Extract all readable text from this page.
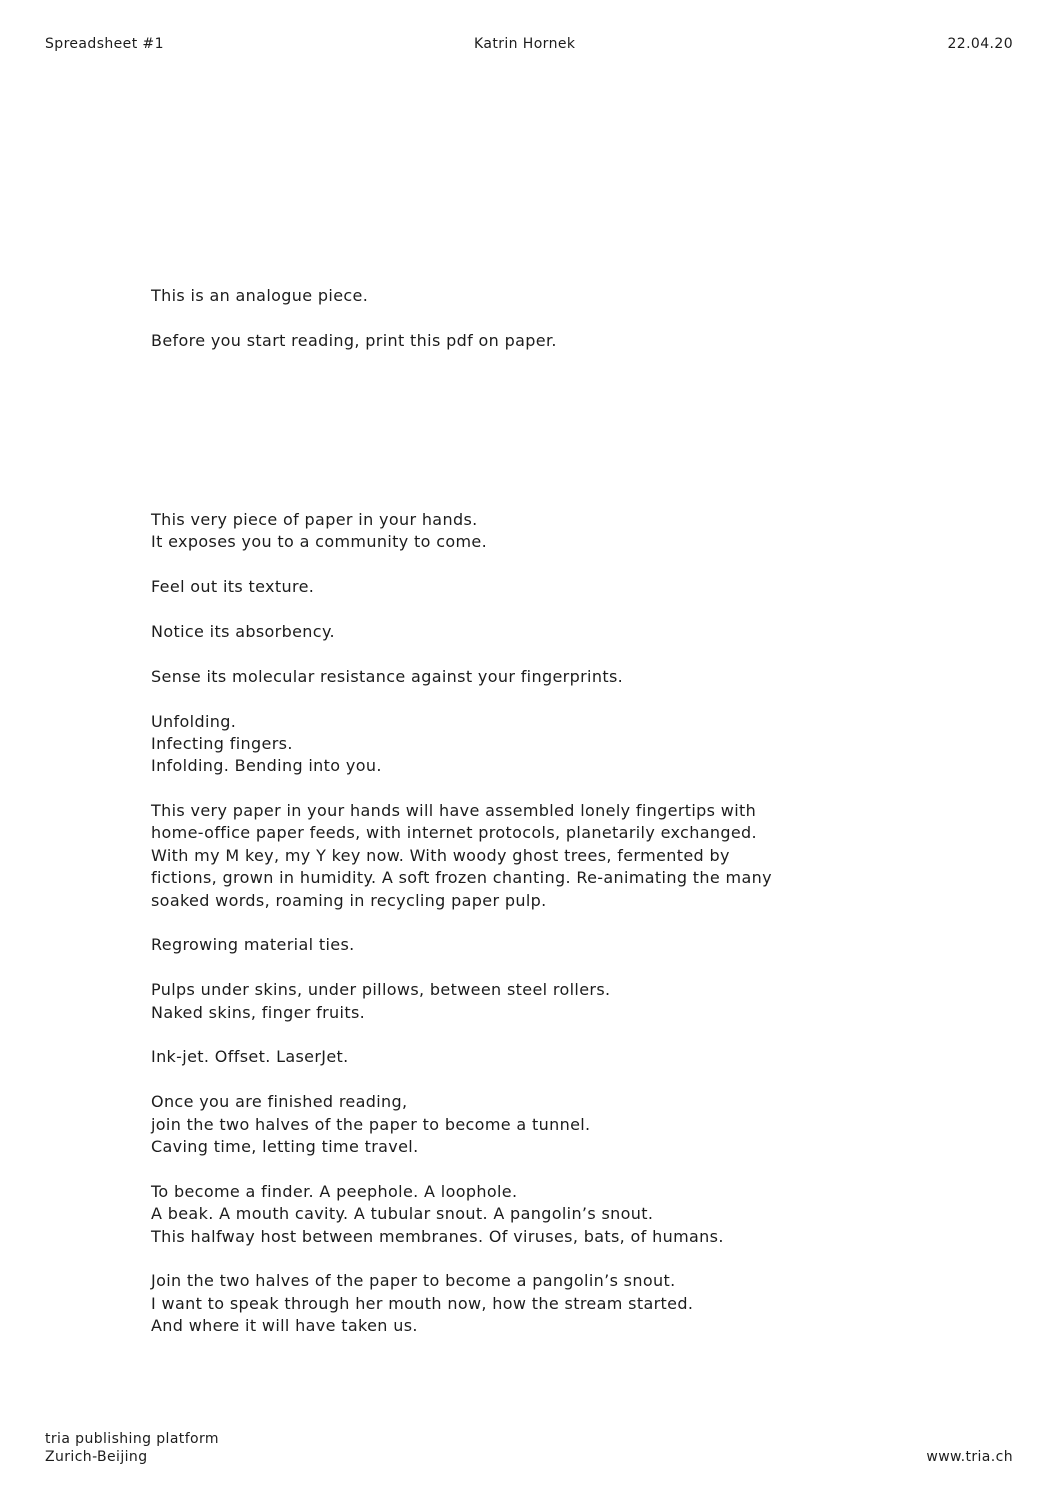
Spreadsheet #1	Katrin Hornek	22.04.20
This is an analogue piece.
Before you start reading, print this pdf on paper.
This very piece of paper in your hands.
It exposes you to a community to come.
Feel out its texture.
Notice its absorbency.
Sense its molecular resistance against your fingerprints.
Unfolding.
Infecting fingers.
Infolding. Bending into you.
This very paper in your hands will have assembled lonely fingertips with
home-office paper feeds, with internet protocols, planetarily exchanged.
With my M key, my Y key now. With woody ghost trees, fermented by
fictions, grown in humidity. A soft frozen chanting. Re-animating the many
soaked words, roaming in recycling paper pulp.
Regrowing material ties.
Pulps under skins, under pillows, between steel rollers.
Naked skins, finger fruits.
Ink-jet. Offset. LaserJet.
Once you are finished reading,
join the two halves of the paper to become a tunnel.
Caving time, letting time travel.
To become a finder. A peephole. A loophole.
A beak. A mouth cavity. A tubular snout. A pangolin’s snout.
This halfway host between membranes. Of viruses, bats, of humans.
Join the two halves of the paper to become a pangolin’s snout.
I want to speak through her mouth now, how the stream started.
And where it will have taken us.
tria publishing platform
Zurich-Beijing	www.tria.ch
